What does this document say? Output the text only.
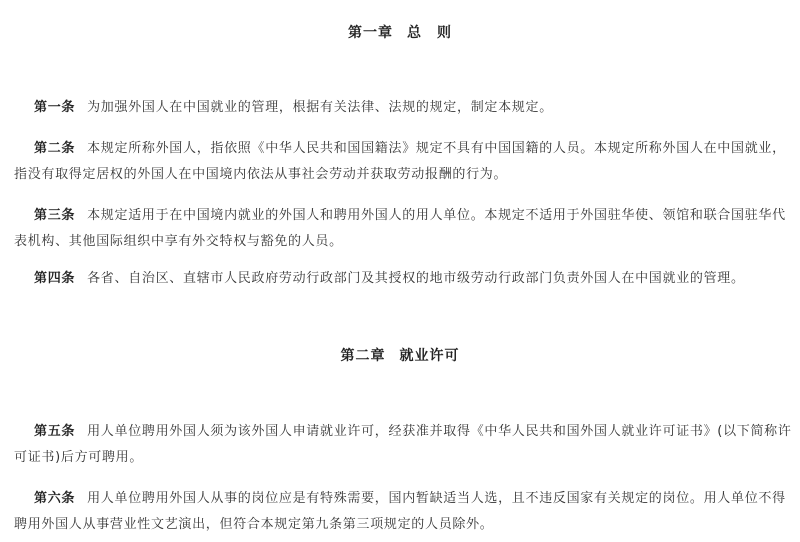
第一章 总　则
第一条 为加强外国人在中国就业的管理，根据有关法律、法规的规定，制定本规定。
第二条 本规定所称外国人，指依照《中华人民共和国国籍法》规定不具有中国国籍的人员。本规定所称外国人在中国就业，指没有取得定居权的外国人在中国境内依法从事社会劳动并获取劳动报酬的行为。
第三条 本规定适用于在中国境内就业的外国人和聘用外国人的用人单位。本规定不适用于外国驻华使、领馆和联合国驻华代表机构、其他国际组织中享有外交特权与豁免的人员。
第四条 各省、自治区、直辖市人民政府劳动行政部门及其授权的地市级劳动行政部门负责外国人在中国就业的管理。
第二章 就业许可
第五条 用人单位聘用外国人须为该外国人申请就业许可，经获准并取得《中华人民共和国外国人就业许可证书》(以下简称许可证书)后方可聘用。
第六条 用人单位聘用外国人从事的岗位应是有特殊需要，国内暂缺适当人选，且不违反国家有关规定的岗位。用人单位不得聘用外国人从事营业性文艺演出，但符合本规定第九条第三项规定的人员除外。
